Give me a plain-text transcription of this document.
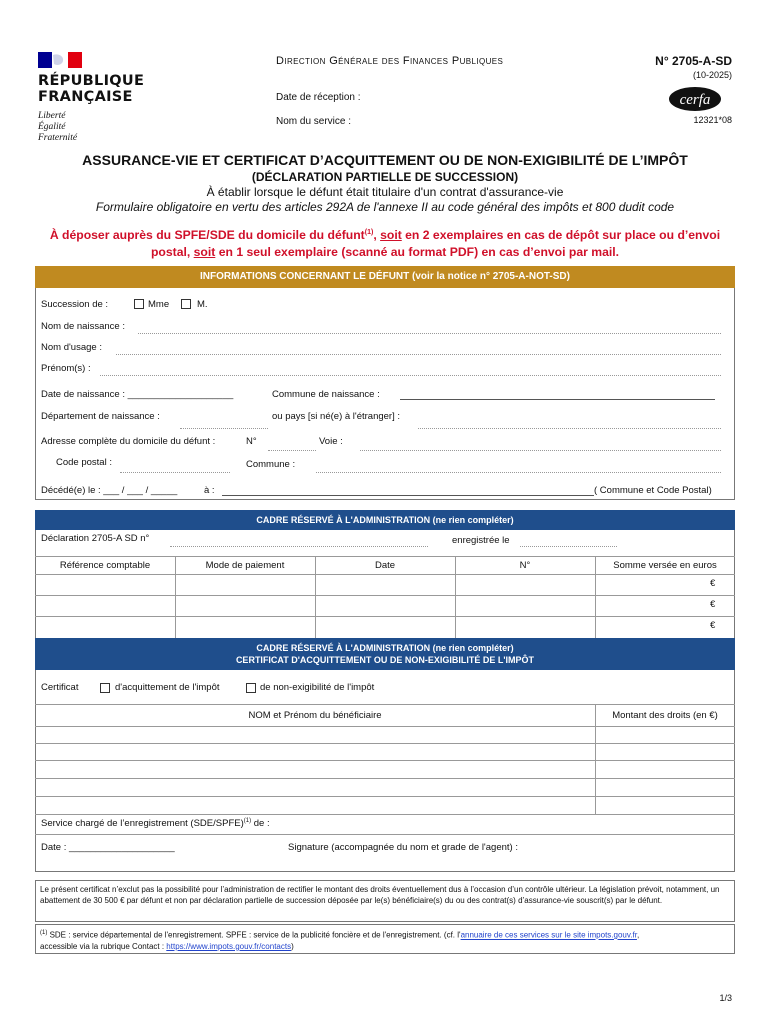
RÉPUBLIQUE
FRANÇAISE
Liberté
Égalité
Fraternité
Direction Générale des Finances Publiques	N° 2705-A-SD
(10-2025)
Date de réception :
Nom du service :
cerfa
12321*08
ASSURANCE-VIE ET CERTIFICAT D’ACQUITTEMENT OU DE NON-EXIGIBILITÉ DE L’IMPÔT
(DÉCLARATION PARTIELLE DE SUCCESSION)
À établir lorsque le défunt était titulaire d'un contrat d'assurance-vie
Formulaire obligatoire en vertu des articles 292A de l'annexe II au code général des impôts et 800 dudit code
À déposer auprès du SPFE/SDE du domicile du défunt$^{(1)}$, soit en 2 exemplaires en cas de dépôt sur place ou d’envoi postal, soit en 1 seul exemplaire (scanné au format PDF) en cas d’envoi par mail.
INFORMATIONS CONCERNANT LE DÉFUNT (voir la notice n° 2705-A-NOT-SD)
Succession de :	Mme	M.
Nom de naissance :
Nom d'usage :
Prénom(s) :
Date de naissance : ____________________	Commune de naissance :
Département de naissance :	ou pays [si né(e) à l'étranger] :
Adresse complète du domicile du défunt :	N°	Voie :
Code postal :	Commune :
Décédé(e) le : ___ / ___ / _____	à :	( Commune et Code Postal)
CADRE RÉSERVÉ À L'ADMINISTRATION (ne rien compléter)
Déclaration 2705-A SD n°	enregistrée le
Référence comptable	Mode de paiement	Date	N°	Somme versée en euros
€
€
€
CADRE RÉSERVÉ À L'ADMINISTRATION (ne rien compléter)
CERTIFICAT D'ACQUITTEMENT OU DE NON-EXIGIBILITÉ DE L'IMPÔT
Certificat	d'acquittement de l'impôt	de non-exigibilité de l'impôt
NOM et Prénom du bénéficiaire	Montant des droits (en €)
Service chargé de l’enregistrement (SDE/SPFE)$^{(1)}$ de :
Date : ____________________	Signature (accompagnée du nom et grade de l'agent) :
Le présent certificat n’exclut pas la possibilité pour l’administration de rectifier le montant des droits éventuellement dus à l’occasion d’un contrôle ultérieur. La législation prévoit, notamment, un abattement de 30 500 € par défunt et non par déclaration partielle de succession déposée par le(s) bénéficiaire(s) du ou des contrat(s) d’assurance-vie souscrit(s) par le défunt.
$^{(1)}$ SDE : service départemental de l'enregistrement. SPFE : service de la publicité foncière et de l'enregistrement. (cf. l'annuaire de ces services sur le site impots.gouv.fr,
accessible via la rubrique Contact : https://www.impots.gouv.fr/contacts)
1/3
